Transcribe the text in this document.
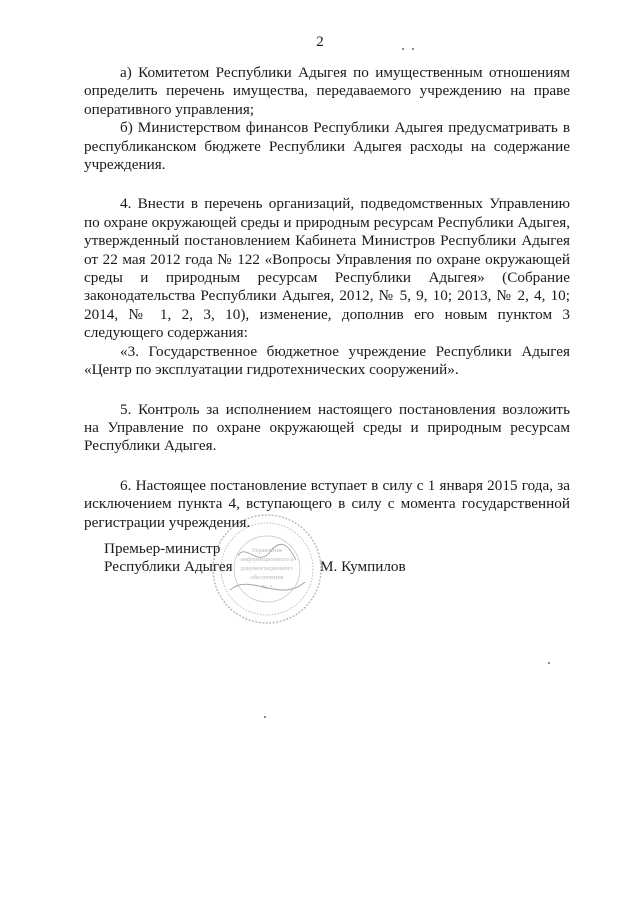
2

а) Комитетом Республики Адыгея по имущественным отношениям определить перечень имущества, передаваемого учреждению на праве оперативного управления;

б) Министерством финансов Республики Адыгея предусматривать в республиканском бюджете Республики Адыгея расходы на содержание учреждения.

4. Внести в перечень организаций, подведомственных Управлению по охране окружающей среды и природным ресурсам Республики Адыгея, утвержденный постановлением Кабинета Министров Республики Адыгея от 22 мая 2012 года № 122 «Вопросы Управления по охране окружающей среды и природным ресурсам Республики Адыгея» (Собрание законодательства Республики Адыгея, 2012, № 5, 9, 10; 2013, № 2, 4, 10; 2014, № 1, 2, 3, 10), изменение, дополнив его новым пунктом 3 следующего содержания:

«3. Государственное бюджетное учреждение Республики Адыгея «Центр по эксплуатации гидротехнических сооружений».

5. Контроль за исполнением настоящего постановления возложить на Управление по охране окружающей среды и природным ресурсам Республики Адыгея.

6. Настоящее постановление вступает в силу с 1 января 2015 года, за исключением пункта 4, вступающего в силу с момента государственной регистрации учреждения.

Премьер-министр
Республики Адыгея	М. Кумпилов
Управление
информационного и
документационного
обеспечения
№ 2
